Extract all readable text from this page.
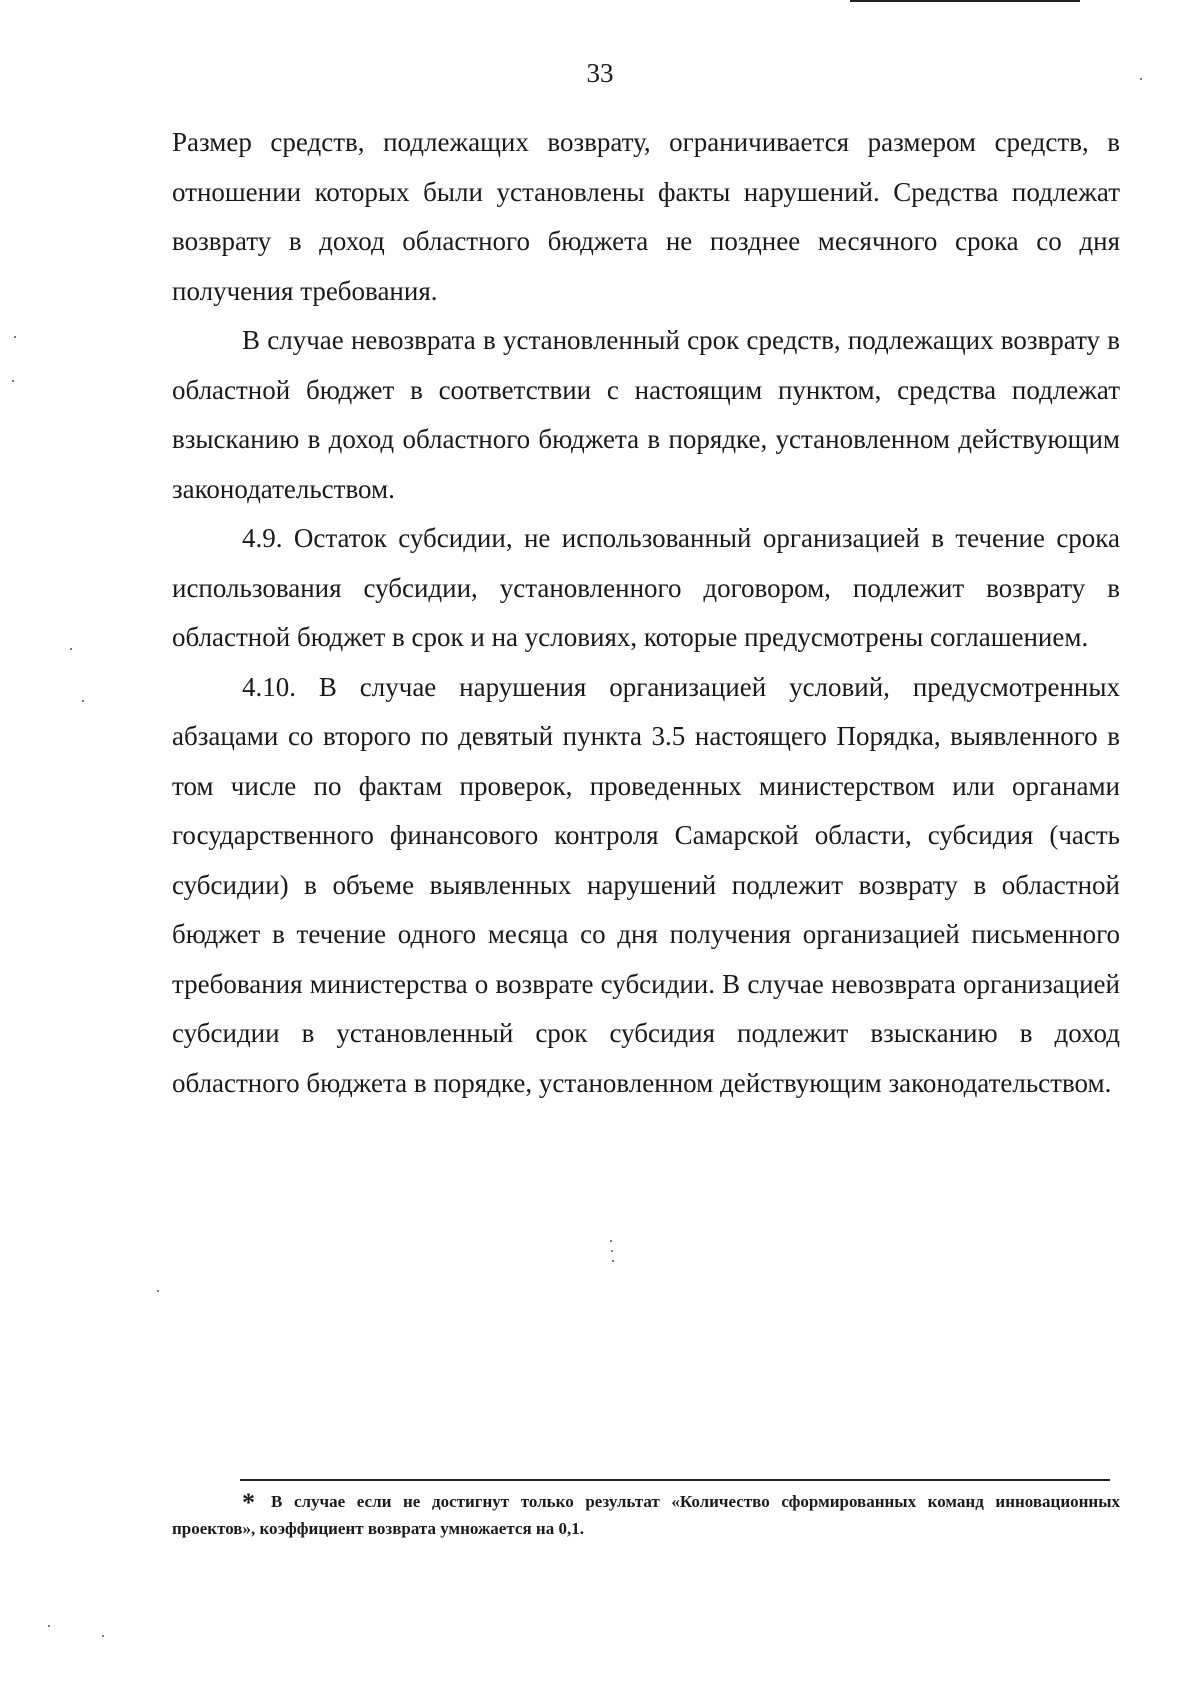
33

Размер средств, подлежащих возврату, ограничивается размером средств, в отношении которых были установлены факты нарушений. Средства подлежат возврату в доход областного бюджета не позднее месячного срока со дня получения требования.

В случае невозврата в установленный срок средств, подлежащих возврату в областной бюджет в соответствии с настоящим пунктом, средства подлежат взысканию в доход областного бюджета в порядке, установленном действующим законодательством.

4.9. Остаток субсидии, не использованный организацией в течение срока использования субсидии, установленного договором, подлежит возврату в областной бюджет в срок и на условиях, которые предусмотрены соглашением.

4.10. В случае нарушения организацией условий, предусмотренных абзацами со второго по девятый пункта 3.5 настоящего Порядка, выявленного в том числе по фактам проверок, проведенных министерством или органами государственного финансового контроля Самарской области, субсидия (часть субсидии) в объеме выявленных нарушений подлежит возврату в областной бюджет в течение одного месяца со дня получения организацией письменного требования министерства о возврате субсидии. В случае невозврата организацией субсидии в установленный срок субсидия подлежит взысканию в доход областного бюджета в порядке, установленном действующим законодательством.

* В случае если не достигнут только результат «Количество сформированных команд инновационных проектов», коэффициент возврата умножается на 0,1.
